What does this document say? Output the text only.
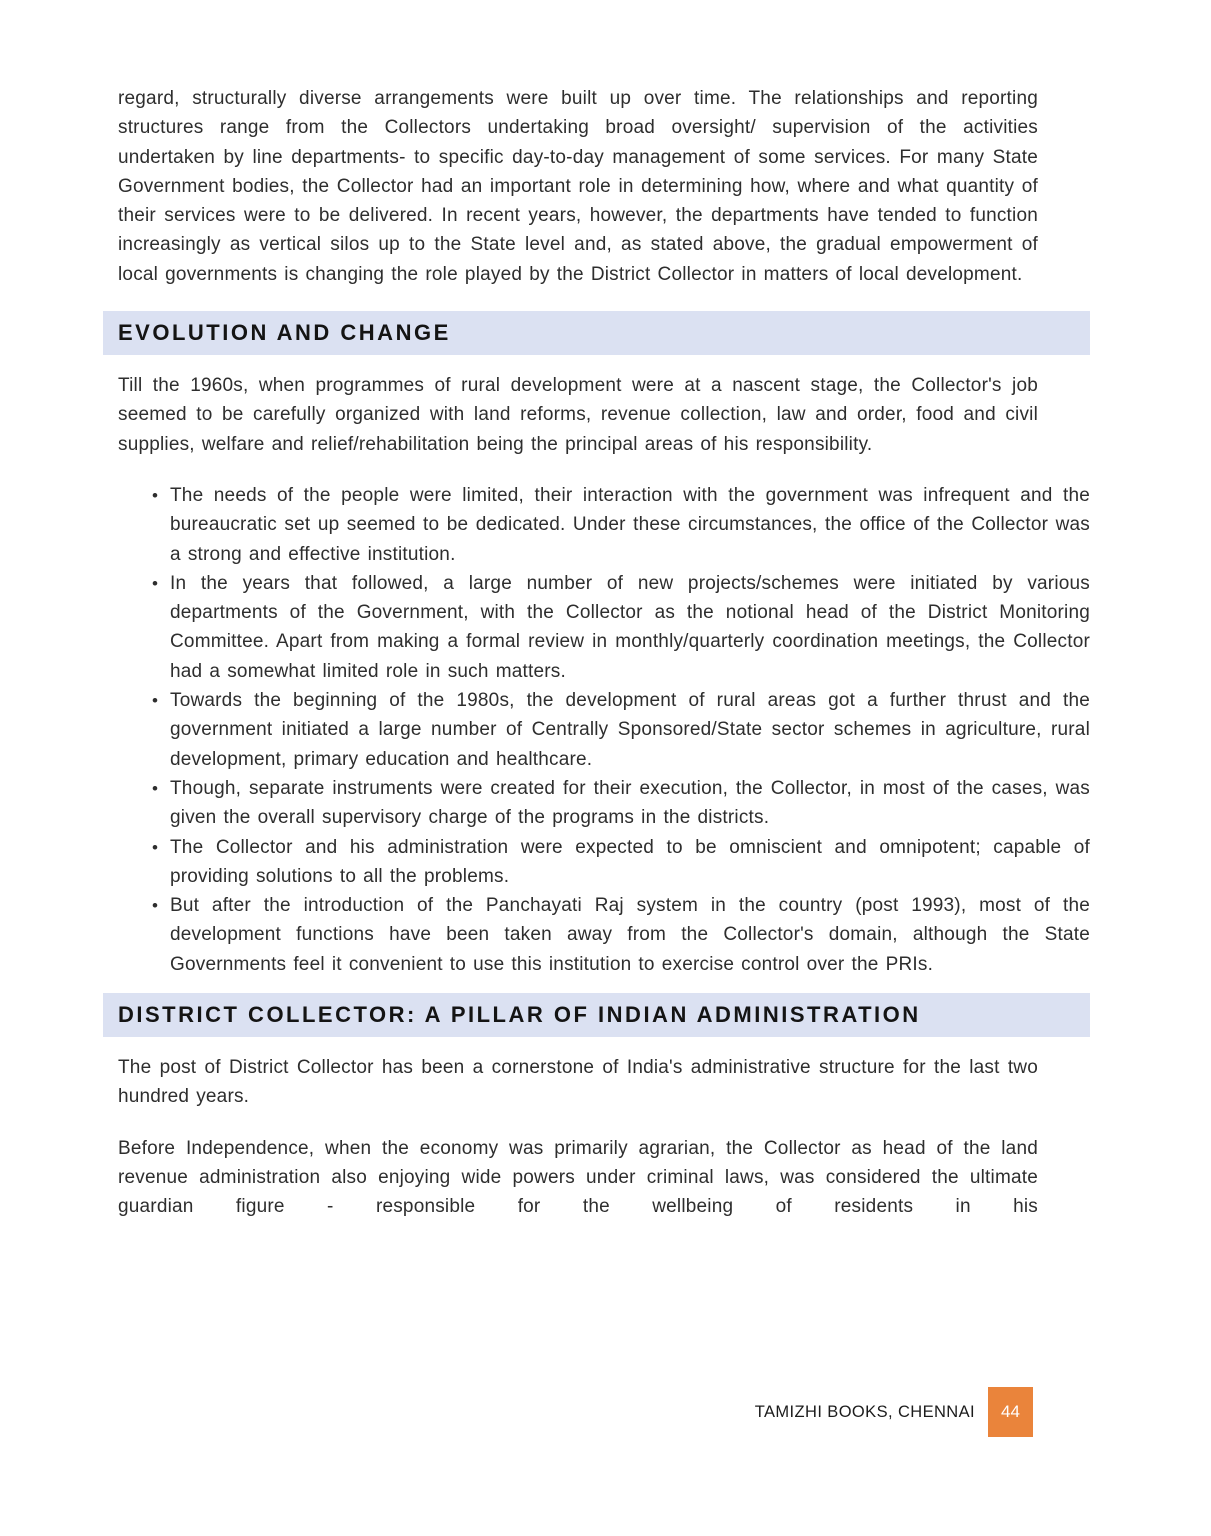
regard, structurally diverse arrangements were built up over time. The relationships and reporting structures range from the Collectors undertaking broad oversight/ supervision of the activities undertaken by line departments- to specific day-to-day management of some services. For many State Government bodies, the Collector had an important role in determining how, where and what quantity of their services were to be delivered. In recent years, however, the departments have tended to function increasingly as vertical silos up to the State level and, as stated above, the gradual empowerment of local governments is changing the role played by the District Collector in matters of local development.

EVOLUTION AND CHANGE

Till the 1960s, when programmes of rural development were at a nascent stage, the Collector's job seemed to be carefully organized with land reforms, revenue collection, law and order, food and civil supplies, welfare and relief/rehabilitation being the principal areas of his responsibility.

•
The needs of the people were limited, their interaction with the government was infrequent and the bureaucratic set up seemed to be dedicated. Under these circumstances, the office of the Collector was a strong and effective institution.
•
In the years that followed, a large number of new projects/schemes were initiated by various departments of the Government, with the Collector as the notional head of the District Monitoring Committee. Apart from making a formal review in monthly/quarterly coordination meetings, the Collector had a somewhat limited role in such matters.
•
Towards the beginning of the 1980s, the development of rural areas got a further thrust and the government initiated a large number of Centrally Sponsored/State sector schemes in agriculture, rural development, primary education and healthcare.
•
Though, separate instruments were created for their execution, the Collector, in most of the cases, was given the overall supervisory charge of the programs in the districts.
•
The Collector and his administration were expected to be omniscient and omnipotent; capable of providing solutions to all the problems.
•
But after the introduction of the Panchayati Raj system in the country (post 1993), most of the development functions have been taken away from the Collector's domain, although the State Governments feel it convenient to use this institution to exercise control over the PRIs.
DISTRICT COLLECTOR: A PILLAR OF INDIAN ADMINISTRATION

The post of District Collector has been a cornerstone of India's administrative structure for the last two hundred years.

Before Independence, when the economy was primarily agrarian, the Collector as head of the land revenue administration also enjoying wide powers under criminal laws, was considered the ultimate guardian figure - responsible for the wellbeing of residents in his

TAMIZHI BOOKS, CHENNAI	44
